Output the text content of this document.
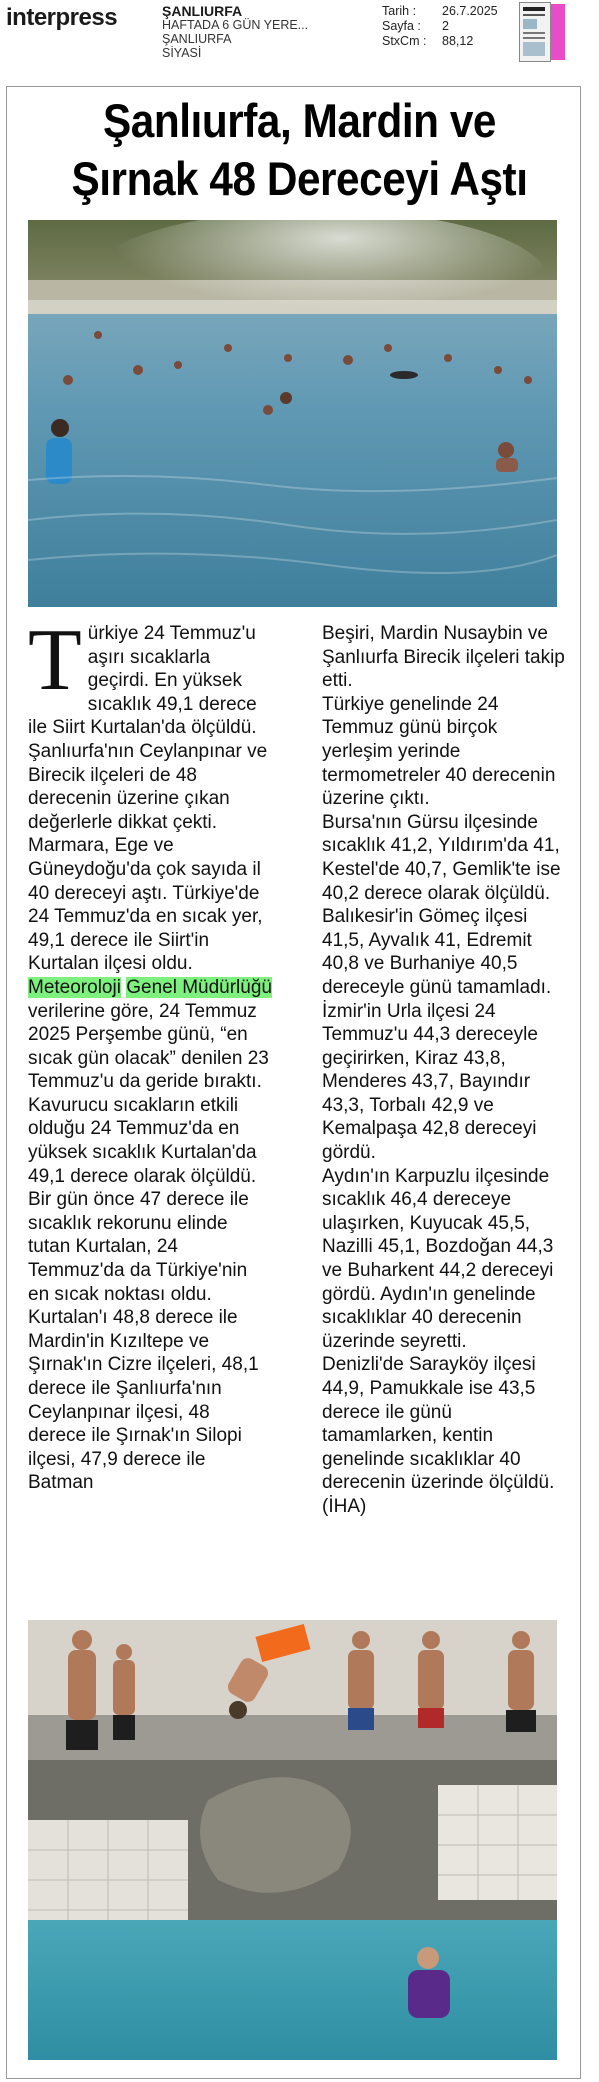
interpress	ŞANLIURFA
HAFTADA 6 GÜN YERE...
ŞANLIURFA
SİYASİ
Tarih :	26.7.2025
Sayfa :	2
StxCm :	88,12
Şanlıurfa, Mardin ve
Şırnak 48 Dereceyi Aştı

Türkiye 24 Temmuz'u aşırı sıcaklarla geçirdi. En yüksek sıcaklık 49,1 derece ile Siirt Kurtalan'da ölçüldü. Şanlıurfa'nın Ceylanpınar ve Birecik ilçeleri de 48 derecenin üzerine çıkan değerlerle dikkat çekti. Marmara, Ege ve Güneydoğu'da çok sayıda il 40 dereceyi aştı. Türkiye'de 24 Temmuz'da en sıcak yer, 49,1 derece ile Siirt'in Kurtalan ilçesi oldu.

Meteoroloji Genel Müdürlüğü verilerine göre, 24 Temmuz 2025 Perşembe günü, “en sıcak gün olacak” denilen 23 Temmuz'u da geride bıraktı. Kavurucu sıcakların etkili olduğu 24 Temmuz'da en yüksek sıcaklık Kurtalan'da 49,1 derece olarak ölçüldü. Bir gün önce 47 derece ile sıcaklık rekorunu elinde tutan Kurtalan, 24 Temmuz'da da Türkiye'nin en sıcak noktası oldu.

Kurtalan'ı 48,8 derece ile Mardin'in Kızıltepe ve Şırnak'ın Cizre ilçeleri, 48,1 derece ile Şanlıurfa'nın Ceylanpınar ilçesi, 48 derece ile Şırnak'ın Silopi ilçesi, 47,9 derece ile Batman

Beşiri, Mardin Nusaybin ve Şanlıurfa Birecik ilçeleri takip etti.

Türkiye genelinde 24 Temmuz günü birçok yerleşim yerinde termometreler 40 derecenin üzerine çıktı.

Bursa'nın Gürsu ilçesinde sıcaklık 41,2, Yıldırım'da 41, Kestel'de 40,7, Gemlik'te ise 40,2 derece olarak ölçüldü. Balıkesir'in Gömeç ilçesi 41,5, Ayvalık 41, Edremit 40,8 ve Burhaniye 40,5 dereceyle günü tamamladı.

İzmir'in Urla ilçesi 24 Temmuz'u 44,3 dereceyle geçirirken, Kiraz 43,8, Menderes 43,7, Bayındır 43,3, Torbalı 42,9 ve Kemalpaşa 42,8 dereceyi gördü.

Aydın'ın Karpuzlu ilçesinde sıcaklık 46,4 dereceye ulaşırken, Kuyucak 45,5, Nazilli 45,1, Bozdoğan 44,3 ve Buharkent 44,2 dereceyi gördü. Aydın'ın genelinde sıcaklıklar 40 derecenin üzerinde seyretti.

Denizli'de Sarayköy ilçesi 44,9, Pamukkale ise 43,5 derece ile günü tamamlarken, kentin genelinde sıcaklıklar 40 derecenin üzerinde ölçüldü. (İHA)
